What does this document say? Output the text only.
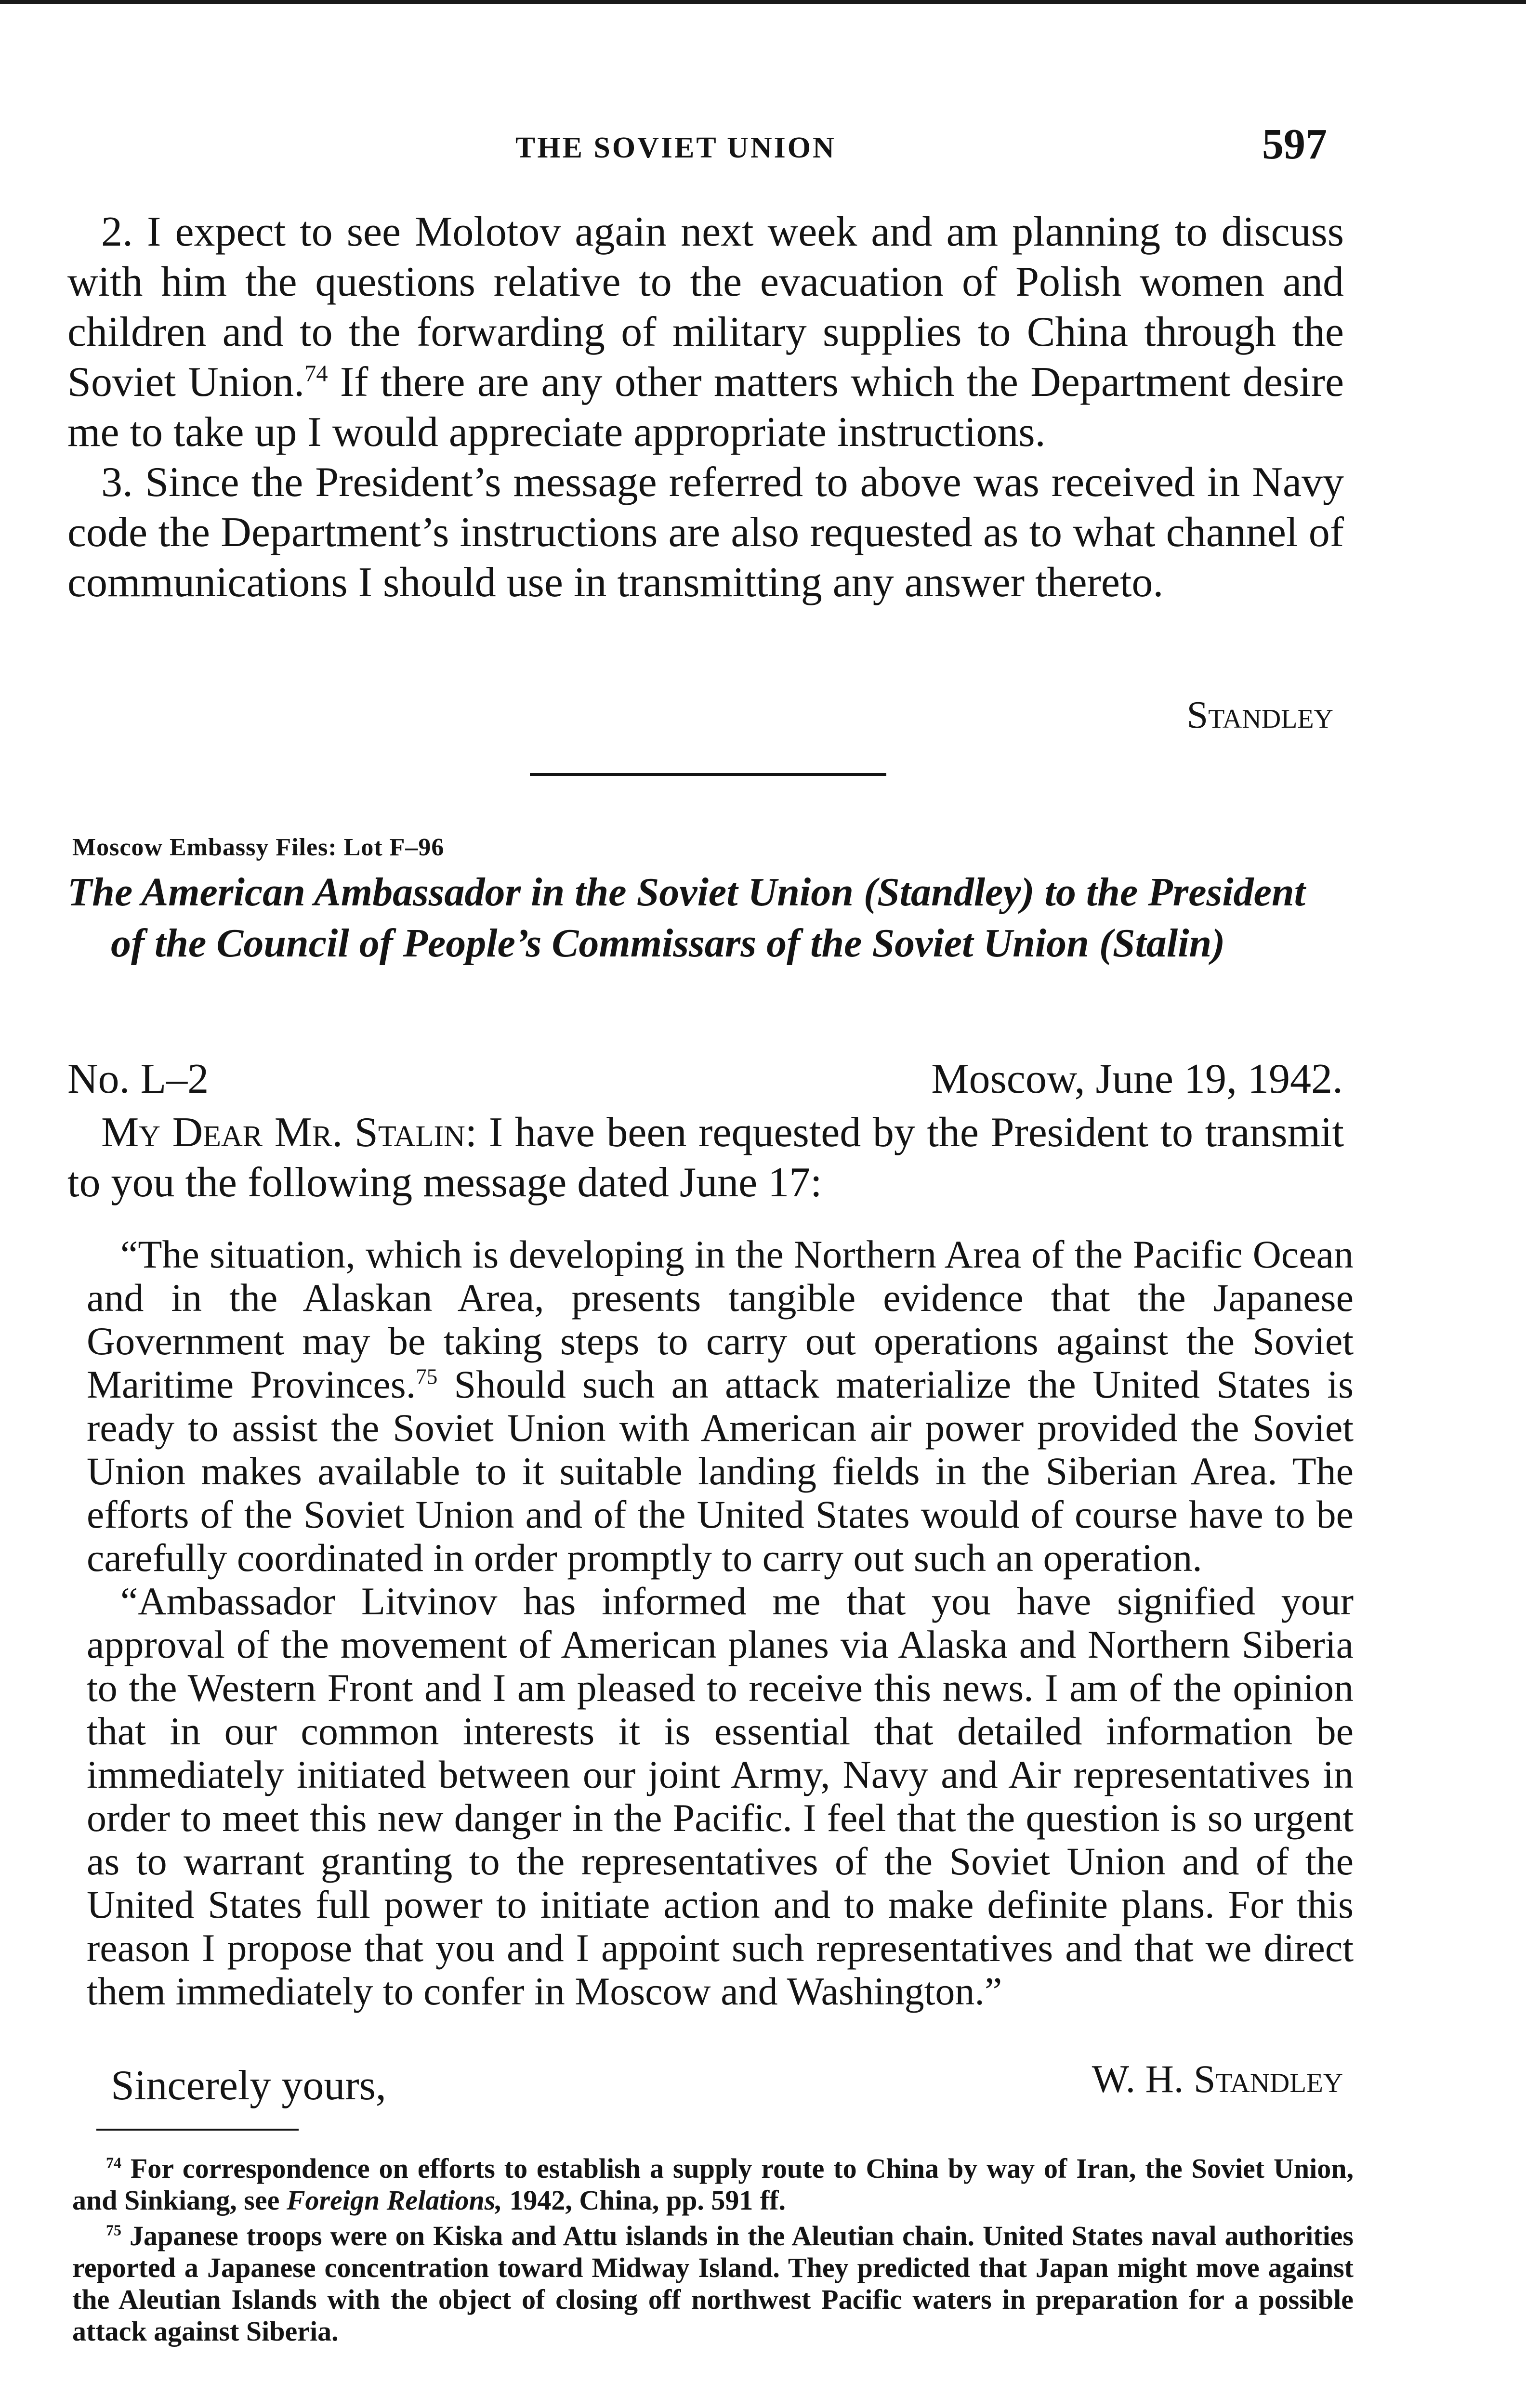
THE SOVIET UNION	597

2. I expect to see Molotov again next week and am planning to discuss with him the questions relative to the evacuation of Polish women and children and to the forwarding of military supplies to China through the Soviet Union.$^{74}$ If there are any other matters which the Department desire me to take up I would appreciate appropriate instructions.

3. Since the President’s message referred to above was received in Navy code the Department’s instructions are also requested as to what channel of communications I should use in transmitting any answer thereto.

Standley
Moscow Embassy Files: Lot F–96
The American Ambassador in the Soviet Union (Standley) to the President of the Council of People’s Commissars of the Soviet Union (Stalin)
No. L–2	Moscow, June 19, 1942.

My Dear Mr. Stalin: I have been requested by the President to transmit to you the following message dated June 17:

“The situation, which is developing in the Northern Area of the Pacific Ocean and in the Alaskan Area, presents tangible evidence that the Japanese Government may be taking steps to carry out operations against the Soviet Maritime Provinces.$^{75}$ Should such an attack materialize the United States is ready to assist the Soviet Union with American air power provided the Soviet Union makes available to it suitable landing fields in the Siberian Area. The efforts of the Soviet Union and of the United States would of course have to be carefully coordinated in order promptly to carry out such an operation.

“Ambassador Litvinov has informed me that you have signified your approval of the movement of American planes via Alaska and Northern Siberia to the Western Front and I am pleased to receive this news. I am of the opinion that in our common interests it is essential that detailed information be immediately initiated between our joint Army, Navy and Air representatives in order to meet this new danger in the Pacific. I feel that the question is so urgent as to warrant granting to the representatives of the Soviet Union and of the United States full power to initiate action and to make definite plans. For this reason I propose that you and I appoint such representatives and that we direct them immediately to confer in Moscow and Washington.”

Sincerely yours,	W. H. Standley

$^{74}$ For correspondence on efforts to establish a supply route to China by way of Iran, the Soviet Union, and Sinkiang, see Foreign Relations, 1942, China, pp. 591 ff.

$^{75}$ Japanese troops were on Kiska and Attu islands in the Aleutian chain. United States naval authorities reported a Japanese concentration toward Midway Island. They predicted that Japan might move against the Aleutian Islands with the object of closing off northwest Pacific waters in preparation for a possible attack against Siberia.
